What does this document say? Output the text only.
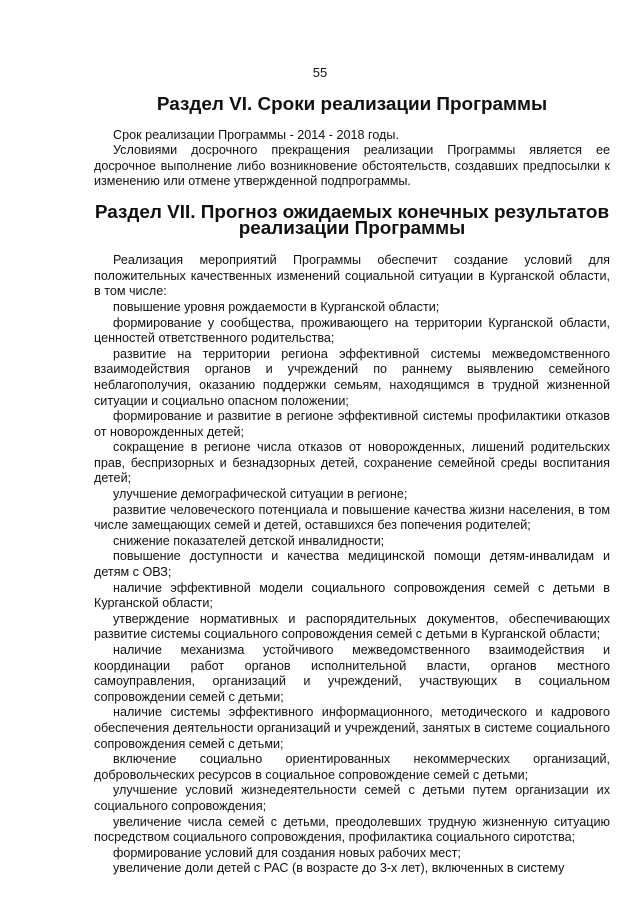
55
Раздел VI. Сроки реализации Программы

Срок реализации Программы - 2014 - 2018 годы.

Условиями досрочного прекращения реализации Программы является ее досрочное выполнение либо возникновение обстоятельств, создавших предпосылки к изменению или отмене утвержденной подпрограммы.

Раздел VII. Прогноз ожидаемых конечных результатов
реализации Программы

Реализация мероприятий Программы обеспечит создание условий для положительных качественных изменений социальной ситуации в Курганской области, в том числе:

повышение уровня рождаемости в Курганской области;

формирование у сообщества, проживающего на территории Курганской области, ценностей ответственного родительства;

развитие на территории региона эффективной системы межведомственного взаимодействия органов и учреждений по раннему выявлению семейного неблагополучия, оказанию поддержки семьям, находящимся в трудной жизненной ситуации и социально опасном положении;

формирование и развитие в регионе эффективной системы профилактики отказов от новорожденных детей;

сокращение в регионе числа отказов от новорожденных, лишений родительских прав, беспризорных и безнадзорных детей, сохранение семейной среды воспитания детей;

улучшение демографической ситуации в регионе;

развитие человеческого потенциала и повышение качества жизни населения, в том числе замещающих семей и детей, оставшихся без попечения родителей;

снижение показателей детской инвалидности;

повышение доступности и качества медицинской помощи детям-инвалидам и детям с ОВЗ;

наличие эффективной модели социального сопровождения семей с детьми в Курганской области;

утверждение нормативных и распорядительных документов, обеспечивающих развитие системы социального сопровождения семей с детьми в Курганской области;

наличие механизма устойчивого межведомственного взаимодействия и координации работ органов исполнительной власти, органов местного самоуправления, организаций и учреждений, участвующих в социальном сопровождении семей с детьми;

наличие системы эффективного информационного, методического и кадрового обеспечения деятельности организаций и учреждений, занятых в системе социального сопровождения семей с детьми;

включение социально ориентированных некоммерческих организаций, добровольческих ресурсов в социальное сопровождение семей с детьми;

улучшение условий жизнедеятельности семей с детьми путем организации их социального сопровождения;

увеличение числа семей с детьми, преодолевших трудную жизненную ситуацию посредством социального сопровождения, профилактика социального сиротства;

формирование условий для создания новых рабочих мест;

увеличение доли детей с РАС (в возрасте до 3-х лет), включенных в систему
